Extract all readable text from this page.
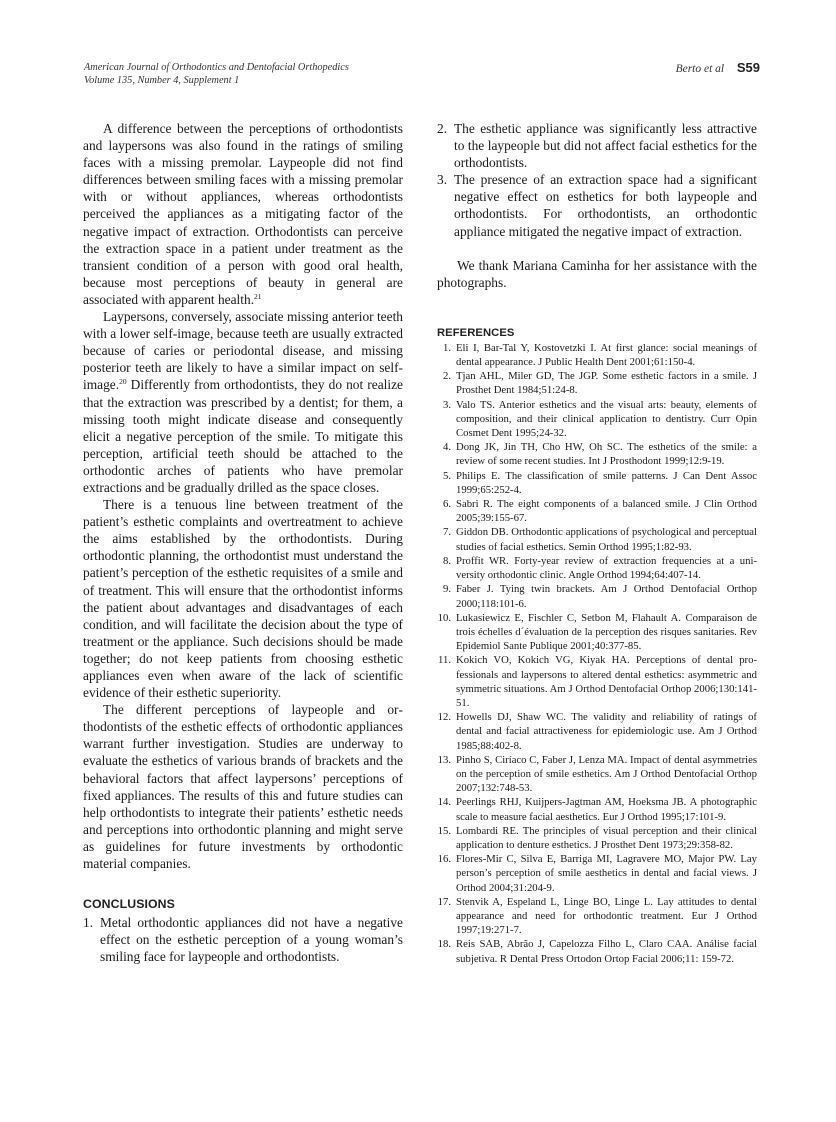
American Journal of Orthodontics and Dentofacial Orthopedics
Volume 135, Number 4, Supplement 1
Berto et al S59

A difference between the perceptions of orthodontists and laypersons was also found in the ratings of smiling faces with a missing premolar. Laypeople did not find differences between smiling faces with a missing premolar with or without appliances, whereas orthodontists perceived the appliances as a mitigating factor of the negative impact of extraction. Orthodontists can perceive the extraction space in a patient under treatment as the transient condition of a person with good oral health, because most perceptions of beauty in general are associated with apparent health.$^{21}$

Laypersons, conversely, associate missing anterior teeth with a lower self-image, because teeth are usually extracted because of caries or periodontal disease, and missing posterior teeth are likely to have a similar impact on self-image.$^{20}$ Differently from orthodontists, they do not realize that the extraction was prescribed by a dentist; for them, a missing tooth might indicate disease and consequently elicit a negative perception of the smile. To mitigate this perception, artificial teeth should be attached to the orthodontic arches of patients who have premolar extractions and be gradually drilled as the space closes.

There is a tenuous line between treatment of the patient’s esthetic complaints and overtreatment to achieve the aims established by the orthodontists. During orthodontic planning, the orthodontist must understand the patient’s perception of the esthetic requisites of a smile and of treatment. This will ensure that the orthodontist informs the patient about advantages and disadvantages of each condition, and will facilitate the decision about the type of treatment or the appliance. Such decisions should be made together; do not keep patients from choosing esthetic appliances even when aware of the lack of scientific evidence of their esthetic superiority.

The different perceptions of laypeople and orthodontists of the esthetic effects of orthodontic appliances warrant further investigation. Studies are underway to evaluate the esthetics of various brands of brackets and the behavioral factors that affect laypersons’ perceptions of fixed appliances. The results of this and future studies can help orthodontists to integrate their patients’ esthetic needs and perceptions into orthodontic planning and might serve as guidelines for future investments by orthodontic material companies.

CONCLUSIONS
1. Metal orthodontic appliances did not have a negative effect on the esthetic perception of a young woman’s smiling face for laypeople and orthodontists.
2. The esthetic appliance was significantly less attractive to the laypeople but did not affect facial esthetics for the orthodontists.
3. The presence of an extraction space had a significant negative effect on esthetics for both laypeople and orthodontists. For orthodontists, an orthodontic appliance mitigated the negative impact of extraction.

We thank Mariana Caminha for her assistance with the photographs.

REFERENCES
1. Eli I, Bar-Tal Y, Kostovetzki I. At first glance: social meanings of dental appearance. J Public Health Dent 2001;61:150-4.
2. Tjan AHL, Miler GD, The JGP. Some esthetic factors in a smile. J Prosthet Dent 1984;51:24-8.
3. Valo TS. Anterior esthetics and the visual arts: beauty, elements of composition, and their clinical application to dentistry. Curr Opin Cosmet Dent 1995;24-32.
4. Dong JK, Jin TH, Cho HW, Oh SC. The esthetics of the smile: a review of some recent studies. Int J Prosthodont 1999;12:9-19.
5. Philips E. The classification of smile patterns. J Can Dent Assoc 1999;65:252-4.
6. Sabri R. The eight components of a balanced smile. J Clin Orthod 2005;39:155-67.
7. Giddon DB. Orthodontic applications of psychological and perceptual studies of facial esthetics. Semin Orthod 1995;1:82-93.
8. Proffit WR. Forty-year review of extraction frequencies at a university orthodontic clinic. Angle Orthod 1994;64:407-14.
9. Faber J. Tying twin brackets. Am J Orthod Dentofacial Orthop 2000;118:101-6.
10. Lukasiewicz E, Fischler C, Setbon M, Flahault A. Comparaison de trois échelles d´évaluation de la perception des risques sanitaries. Rev Epidemiol Sante Publique 2001;40:377-85.
11. Kokich VO, Kokich VG, Kiyak HA. Perceptions of dental professionals and laypersons to altered dental esthetics: asymmetric and symmetric situations. Am J Orthod Dentofacial Orthop 2006;130:141-51.
12. Howells DJ, Shaw WC. The validity and reliability of ratings of dental and facial attractiveness for epidemiologic use. Am J Orthod 1985;88:402-8.
13. Pinho S, Ciríaco C, Faber J, Lenza MA. Impact of dental asymmetries on the perception of smile esthetics. Am J Orthod Dentofacial Orthop 2007;132:748-53.
14. Peerlings RHJ, Kuijpers-Jagtman AM, Hoeksma JB. A photographic scale to measure facial aesthetics. Eur J Orthod 1995;17:101-9.
15. Lombardi RE. The principles of visual perception and their clinical application to denture esthetics. J Prosthet Dent 1973;29:358-82.
16. Flores-Mir C, Silva E, Barriga MI, Lagravere MO, Major PW. Lay person’s perception of smile aesthetics in dental and facial views. J Orthod 2004;31:204-9.
17. Stenvik A, Espeland L, Linge BO, Linge L. Lay attitudes to dental appearance and need for orthodontic treatment. Eur J Orthod 1997;19:271-7.
18. Reis SAB, Abrão J, Capelozza Filho L, Claro CAA. Análise facial subjetiva. R Dental Press Ortodon Ortop Facial 2006;11: 159-72.
